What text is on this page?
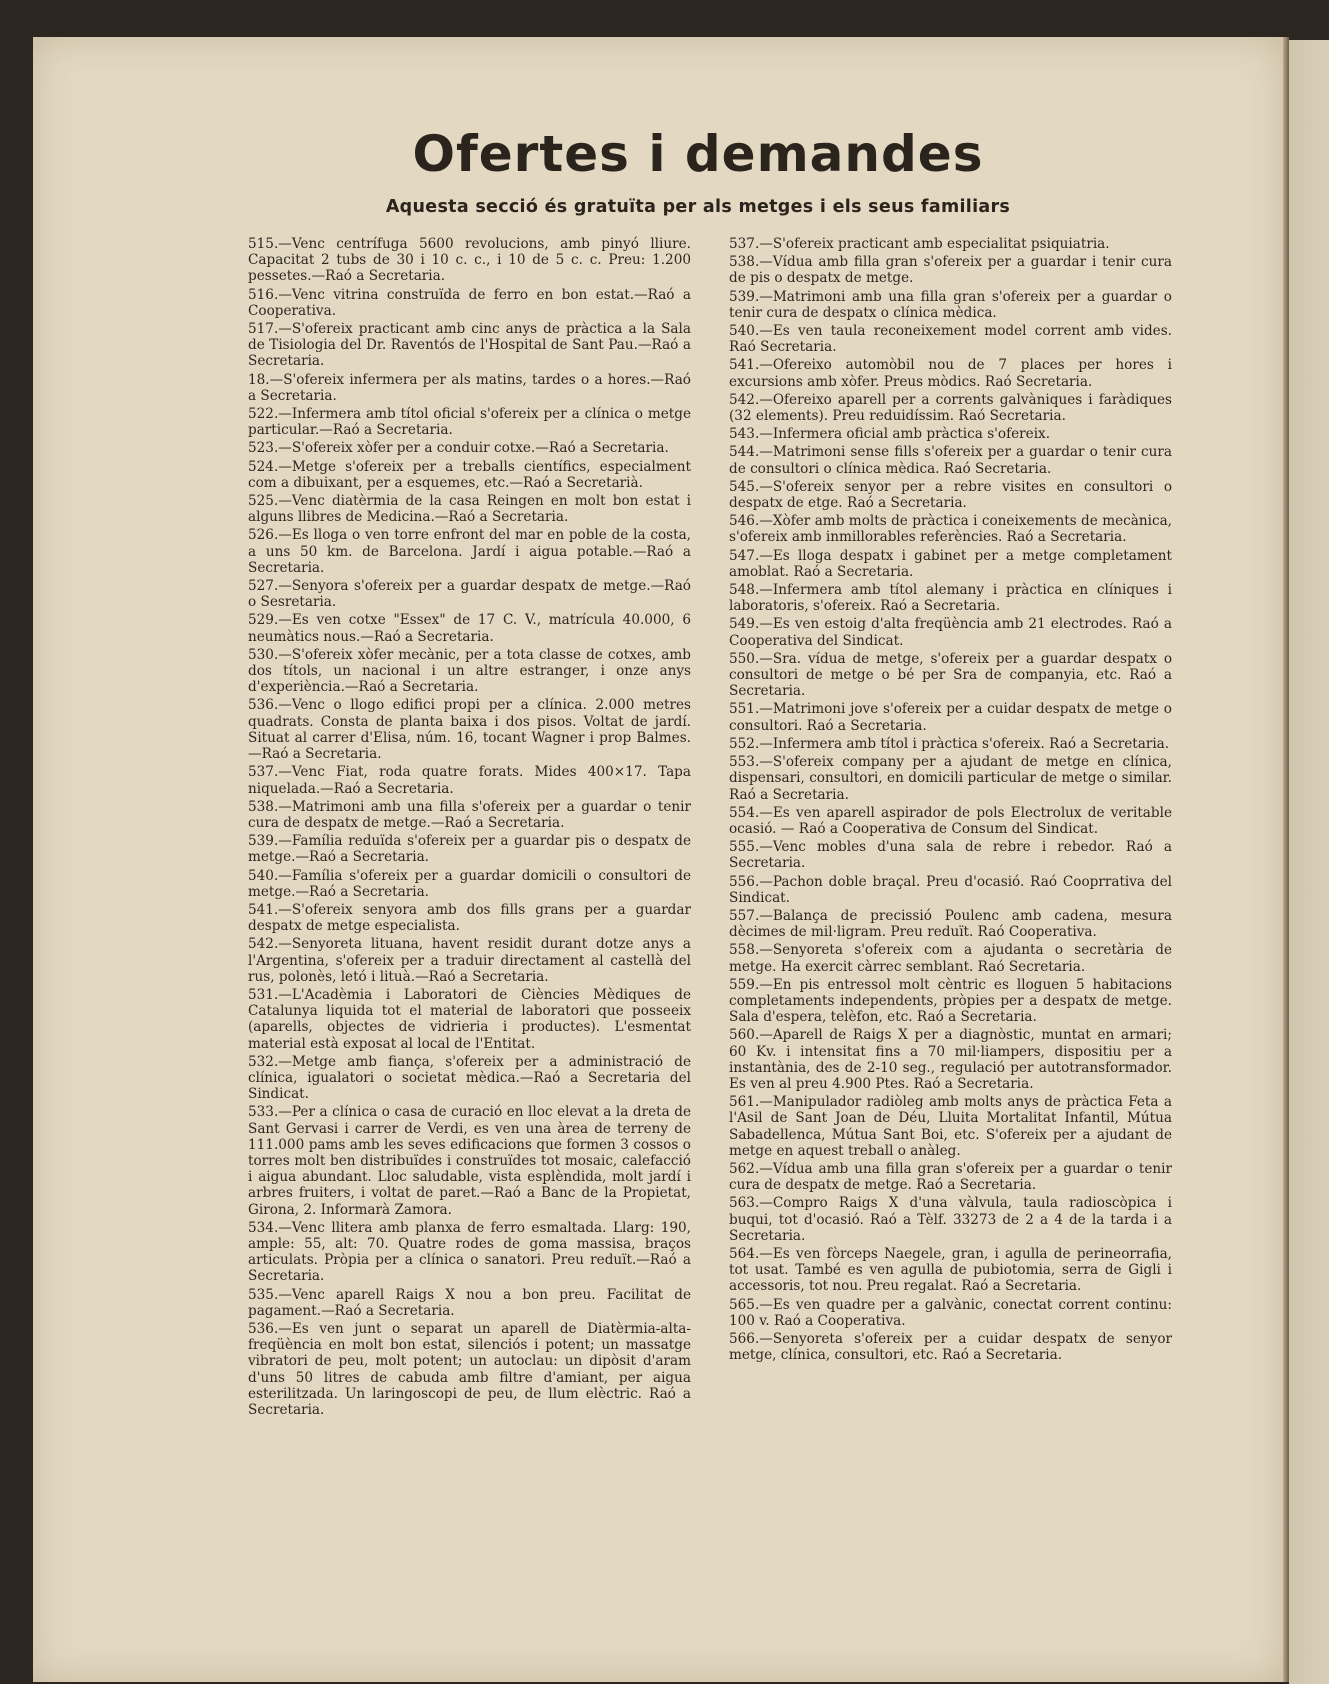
Ofertes i demandes
Aquesta secció és gratuïta per als metges i els seus familiars

515.—Venc centrífuga 5600 revolucions, amb pinyó lliure. Capacitat 2 tubs de 30 i 10 c. c., i 10 de 5 c. c. Preu: 1.200 pessetes.—Raó a Secretaria.

516.—Venc vitrina construïda de ferro en bon estat.—Raó a Cooperativa.

517.—S'ofereix practicant amb cinc anys de pràctica a la Sala de Tisiologia del Dr. Raventós de l'Hospital de Sant Pau.—Raó a Secretaria.

18.—S'ofereix infermera per als matins, tardes o a hores.—Raó a Secretaria.

522.—Infermera amb títol oficial s'ofereix per a clínica o metge particular.—Raó a Secretaria.

523.—S'ofereix xòfer per a conduir cotxe.—Raó a Secretaria.

524.—Metge s'ofereix per a treballs científics, especialment com a dibuixant, per a esquemes, etc.—Raó a Secretarià.

525.—Venc diatèrmia de la casa Reingen en molt bon estat i alguns llibres de Medicina.—Raó a Secretaria.

526.—Es lloga o ven torre enfront del mar en poble de la costa, a uns 50 km. de Barcelona. Jardí i aigua potable.—Raó a Secretaria.

527.—Senyora s'ofereix per a guardar despatx de metge.—Raó o Sesretaria.

529.—Es ven cotxe "Essex" de 17 C. V., matrícula 40.000, 6 neumàtics nous.—Raó a Secretaria.

530.—S'ofereix xòfer mecànic, per a tota classe de cotxes, amb dos títols, un nacional i un altre estranger, i onze anys d'experiència.—Raó a Secretaria.

536.—Venc o llogo edifici propi per a clínica. 2.000 metres quadrats. Consta de planta baixa i dos pisos. Voltat de jardí. Situat al carrer d'Elisa, núm. 16, tocant Wagner i prop Balmes.—Raó a Secretaria.

537.—Venc Fiat, roda quatre forats. Mides 400×17. Tapa niquelada.—Raó a Secretaria.

538.—Matrimoni amb una filla s'ofereix per a guardar o tenir cura de despatx de metge.—Raó a Secretaria.

539.—Família reduïda s'ofereix per a guardar pis o despatx de metge.—Raó a Secretaria.

540.—Família s'ofereix per a guardar domicili o consultori de metge.—Raó a Secretaria.

541.—S'ofereix senyora amb dos fills grans per a guardar despatx de metge especialista.

542.—Senyoreta lituana, havent residit durant dotze anys a l'Argentina, s'ofereix per a traduir directament al castellà del rus, polonès, letó i lituà.—Raó a Secretaria.

531.—L'Acadèmia i Laboratori de Ciències Mèdiques de Catalunya liquida tot el material de laboratori que posseeix (aparells, objectes de vidrieria i productes). L'esmentat material està exposat al local de l'Entitat.

532.—Metge amb fiança, s'ofereix per a administració de clínica, igualatori o societat mèdica.—Raó a Secretaria del Sindicat.

533.—Per a clínica o casa de curació en lloc elevat a la dreta de Sant Gervasi i carrer de Verdi, es ven una àrea de terreny de 111.000 pams amb les seves edificacions que formen 3 cossos o torres molt ben distribuïdes i construïdes tot mosaic, calefacció i aigua abundant. Lloc saludable, vista esplèndida, molt jardí i arbres fruiters, i voltat de paret.—Raó a Banc de la Propietat, Girona, 2. Informarà Zamora.

534.—Venc llitera amb planxa de ferro esmaltada. Llarg: 190, ample: 55, alt: 70. Quatre rodes de goma massisa, braços articulats. Pròpia per a clínica o sanatori. Preu reduït.—Raó a Secretaria.

535.—Venc aparell Raigs X nou a bon preu. Facilitat de pagament.—Raó a Secretaria.

536.—Es ven junt o separat un aparell de Diatèrmia-alta-freqüència en molt bon estat, silenciós i potent; un massatge vibratori de peu, molt potent; un autoclau: un dipòsit d'aram d'uns 50 litres de cabuda amb filtre d'amiant, per aigua esterilitzada. Un laringoscopi de peu, de llum elèctric. Raó a Secretaria.

537.—S'ofereix practicant amb especialitat psiquiatria.

538.—Vídua amb filla gran s'ofereix per a guardar i tenir cura de pis o despatx de metge.

539.—Matrimoni amb una filla gran s'ofereix per a guardar o tenir cura de despatx o clínica mèdica.

540.—Es ven taula reconeixement model corrent amb vides. Raó Secretaria.

541.—Ofereixo automòbil nou de 7 places per hores i excursions amb xòfer. Preus mòdics. Raó Secretaria.

542.—Ofereixo aparell per a corrents galvàniques i faràdiques (32 elements). Preu reduidíssim. Raó Secretaria.

543.—Infermera oficial amb pràctica s'ofereix.

544.—Matrimoni sense fills s'ofereix per a guardar o tenir cura de consultori o clínica mèdica. Raó Secretaria.

545.—S'ofereix senyor per a rebre visites en consultori o despatx de etge. Raó a Secretaria.

546.—Xòfer amb molts de pràctica i coneixements de mecànica, s'ofereix amb inmillorables referències. Raó a Secretaria.

547.—Es lloga despatx i gabinet per a metge completament amoblat. Raó a Secretaria.

548.—Infermera amb títol alemany i pràctica en clíniques i laboratoris, s'ofereix. Raó a Secretaria.

549.—Es ven estoig d'alta freqüència amb 21 electrodes. Raó a Cooperativa del Sindicat.

550.—Sra. vídua de metge, s'ofereix per a guardar despatx o consultori de metge o bé per Sra de companyia, etc. Raó a Secretaria.

551.—Matrimoni jove s'ofereix per a cuidar despatx de metge o consultori. Raó a Secretaria.

552.—Infermera amb títol i pràctica s'ofereix. Raó a Secretaria.

553.—S'ofereix company per a ajudant de metge en clínica, dispensari, consultori, en domicili particular de metge o similar. Raó a Secretaria.

554.—Es ven aparell aspirador de pols Electrolux de veritable ocasió. — Raó a Cooperativa de Consum del Sindicat.

555.—Venc mobles d'una sala de rebre i rebedor. Raó a Secretaria.

556.—Pachon doble braçal. Preu d'ocasió. Raó Cooprrativa del Sindicat.

557.—Balança de precissió Poulenc amb cadena, mesura dècimes de mil·ligram. Preu reduït. Raó Cooperativa.

558.—Senyoreta s'ofereix com a ajudanta o secretària de metge. Ha exercit càrrec semblant. Raó Secretaria.

559.—En pis entressol molt cèntric es lloguen 5 habitacions completaments independents, pròpies per a despatx de metge. Sala d'espera, telèfon, etc. Raó a Secretaria.

560.—Aparell de Raigs X per a diagnòstic, muntat en armari; 60 Kv. i intensitat fins a 70 mil·liampers, dispositiu per a instantània, des de 2-10 seg., regulació per autotransformador. Es ven al preu 4.900 Ptes. Raó a Secretaria.

561.—Manipulador radiòleg amb molts anys de pràctica Feta a l'Asil de Sant Joan de Déu, Lluita Mortalitat Infantil, Mútua Sabadellenca, Mútua Sant Boi, etc. S'ofereix per a ajudant de metge en aquest treball o anàleg.

562.—Vídua amb una filla gran s'ofereix per a guardar o tenir cura de despatx de metge. Raó a Secretaria.

563.—Compro Raigs X d'una vàlvula, taula radioscòpica i buqui, tot d'ocasió. Raó a Tèlf. 33273 de 2 a 4 de la tarda i a Secretaria.

564.—Es ven fòrceps Naegele, gran, i agulla de perineorrafia, tot usat. També es ven agulla de pubiotomia, serra de Gigli i accessoris, tot nou. Preu regalat. Raó a Secretaria.

565.—Es ven quadre per a galvànic, conectat corrent continu: 100 v. Raó a Cooperativa.

566.—Senyoreta s'ofereix per a cuidar despatx de senyor metge, clínica, consultori, etc. Raó a Secretaria.
